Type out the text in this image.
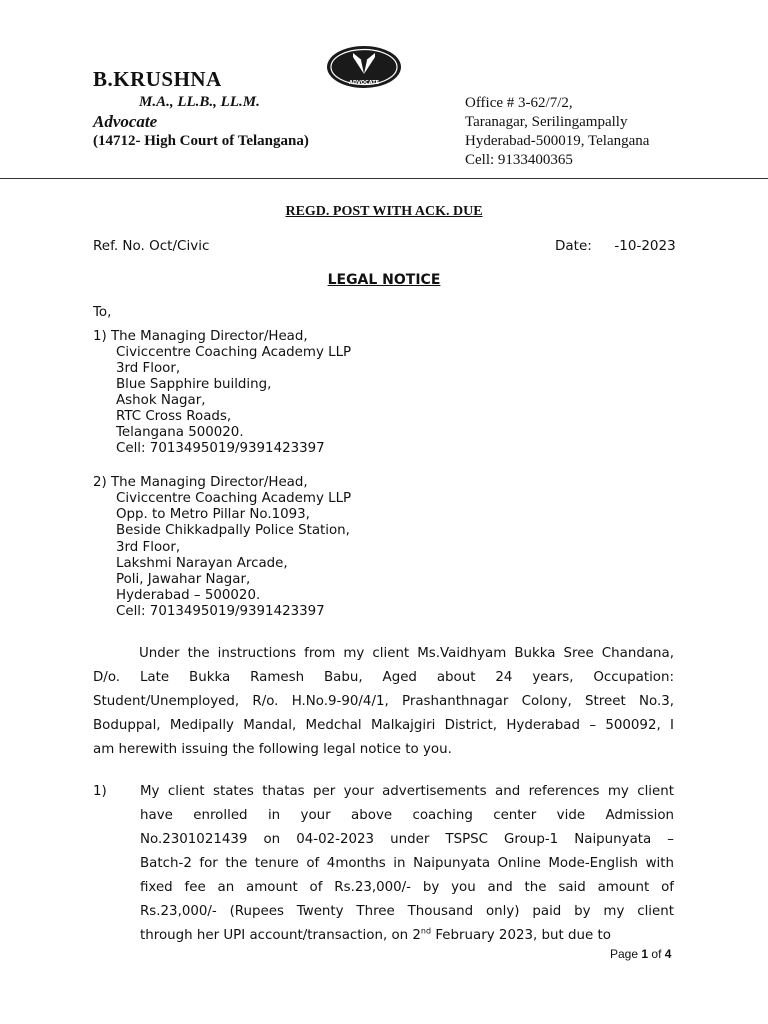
ADVOCATE
B.KRUSHNA
M.A., LL.B., LL.M.
Advocate
(14712- High Court of Telangana)
Office # 3-62/7/2,
Taranagar, Serilingampally
Hyderabad-500019, Telangana
Cell: 9133400365
REGD. POST WITH ACK. DUE
Ref. No. Oct/Civic	Date: -10-2023
LEGAL NOTICE
To,
1) The Managing Director/Head,
Civiccentre Coaching Academy LLP
3rd Floor,
Blue Sapphire building,
Ashok Nagar,
RTC Cross Roads,
Telangana 500020.
Cell: 7013495019/9391423397
2) The Managing Director/Head,
Civiccentre Coaching Academy LLP
Opp. to Metro Pillar No.1093,
Beside Chikkadpally Police Station,
3rd Floor,
Lakshmi Narayan Arcade,
Poli, Jawahar Nagar,
Hyderabad – 500020.
Cell: 7013495019/9391423397
Under the instructions from my client Ms.Vaidhyam Bukka Sree Chandana,
D/o. Late Bukka Ramesh Babu, Aged about 24 years, Occupation:
Student/Unemployed, R/o. H.No.9-90/4/1, Prashanthnagar Colony, Street No.3,
Boduppal, Medipally Mandal, Medchal Malkajgiri District, Hyderabad – 500092, I
am herewith issuing the following legal notice to you.
1) My client states thatas per your advertisements and references my client
have enrolled in your above coaching center vide Admission
No.2301021439 on 04-02-2023 under TSPSC Group-1 Naipunyata –
Batch-2 for the tenure of 4months in Naipunyata Online Mode-English with
fixed fee an amount of Rs.23,000/- by you and the said amount of
Rs.23,000/- (Rupees Twenty Three Thousand only) paid by my client
through her UPI account/transaction, on 2nd February 2023, but due to
Page 1 of 4
